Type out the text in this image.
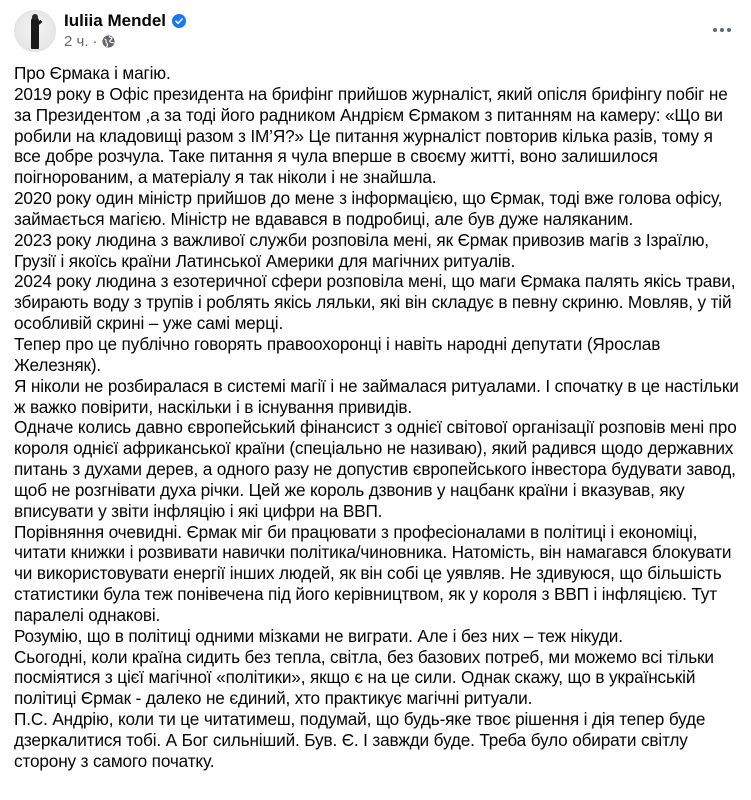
Iuliia Mendel
2 ч. ·

Про Єрмака і магію.

2019 року в Офіс президента на брифінг прийшов журналіст, який опісля брифінгу побіг не за Президентом ,а за тодi його радником Андрієм Єрмаком з питанням на камеру: «Що ви робили на кладовищі разом з IM’Я?» Це питання журналіст повторив кілька разів, тому я все добре розчула. Таке питання я чула вперше в своєму житті, воно залишилося поігнорованим, а матеріалу я так ніколи і не знайшла.

2020 року один міністр прийшов до мене з інформацією, що Єрмак, тоді вже голова офісу, займається магією. Міністр не вдавався в подробиці, але був дуже наляканим.

2023 року людина з важливої служби розповіла мені, як Єрмак привозив магів з Ізраїлю, Грузії і якоїсь країни Латинської Америки для магічних ритуалів.

2024 року людина з езотеричної сфери розповіла мені, що маги Єрмака палять якісь трави, збирають воду з трупів і роблять якісь ляльки, які він складує в певну скриню. Мовляв, у тій особливій скрині – уже самі мерці.

Тепер про це публічно говорять правоохоронці і навіть народні депутати (Ярослав Железняк).

Я ніколи не розбиралася в системі магії і не займалася ритуалами. І спочатку в це настільки ж важко повірити, наскільки і в існування привидів.

Одначе колись давно європейський фінансист з однієї світової організації розповів мені про короля однієї африканської країни (спеціально не називаю), який радився щодо державних питань з духами дерев, а одного разу не допустив європейського інвестора будувати завод, щоб не розгнівати духа річки. Цей же король дзвонив у нацбанк країни і вказував, яку вписувати у звіти інфляцію і які цифри на ВВП.

Порівняння очевидні. Єрмак міг би працювати з професіоналами в політиці і економіці, читати книжки і розвивати навички політика/чиновника. Натомість, він намагався блокувати чи використовувати енергії інших людей, як він собі це уявляв. Не здивуюся, що більшість статистики була теж понівечена під його керівництвом, як у короля з ВВП і інфляцією. Тут паралелі однакові.

Розумію, що в політиці одними мізками не виграти. Але і без них – теж нікуди.

Сьогодні, коли країна сидить без тепла, світла, без базових потреб, ми можемо всі тільки посміятися з цієї магічної «політики», якщо є на це сили. Однак скажу, що в українській політиці Єрмак - далеко не єдиний, хто практикує магічні ритуали.

П.С. Андрію, коли ти це читатимеш, подумай, що будь-яке твоє рішення і дія тепер буде дзеркалитися тобі. А Бог сильніший. Був. Є. І завжди буде. Треба було обирати світлу сторону з самого початку.
